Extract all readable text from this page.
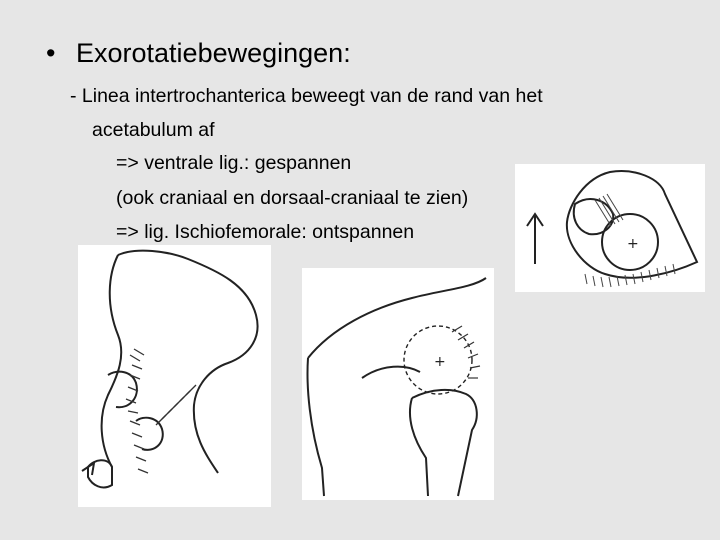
• Exorotatiebewegingen:
- Linea intertrochanterica beweegt van de rand van het
acetabulum af
=> ventrale lig.: gespannen
(ook craniaal en dorsaal-craniaal te zien)
+
=> lig. Ischiofemorale: ontspannen
+
